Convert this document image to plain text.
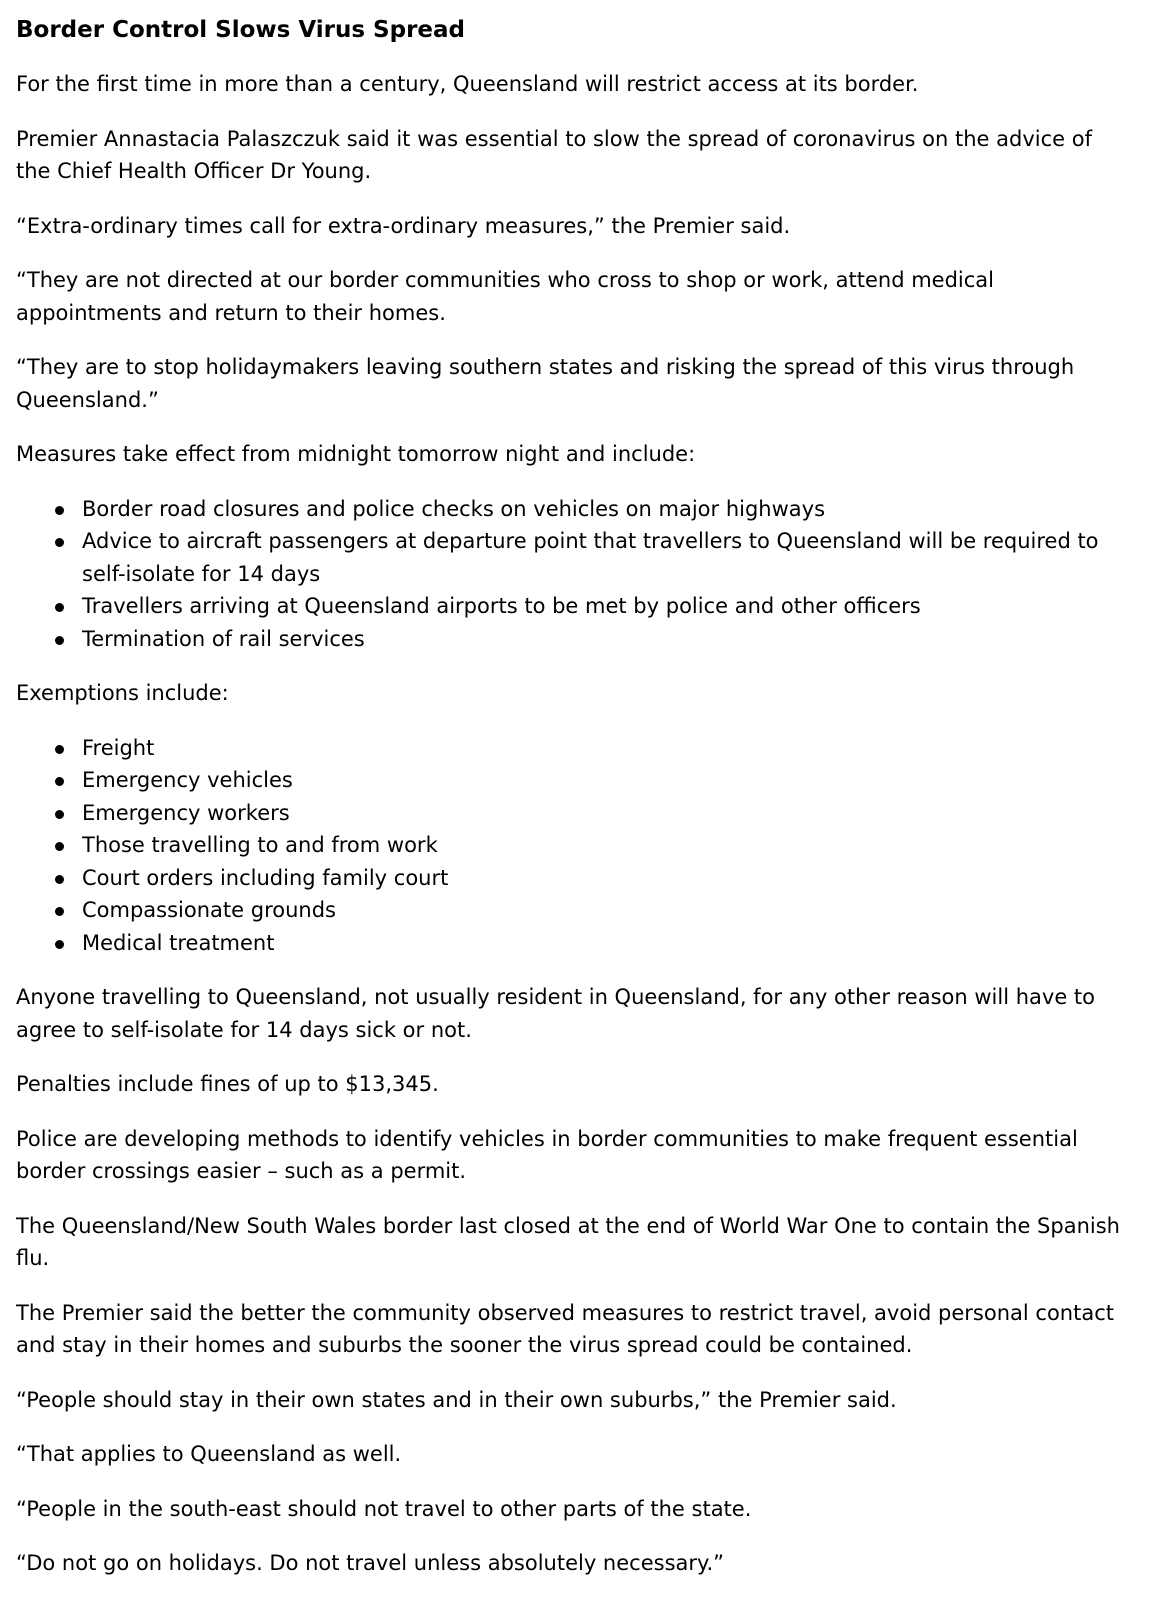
Border Control Slows Virus Spread

For the first time in more than a century, Queensland will restrict access at its border.

Premier Annastacia Palaszczuk said it was essential to slow the spread of coronavirus on the advice of the Chief Health Officer Dr Young.

“Extra-ordinary times call for extra-ordinary measures,” the Premier said.

“They are not directed at our border communities who cross to shop or work, attend medical appointments and return to their homes.

“They are to stop holidaymakers leaving southern states and risking the spread of this virus through Queensland.”

Measures take effect from midnight tomorrow night and include:

Border road closures and police checks on vehicles on major highways
Advice to aircraft passengers at departure point that travellers to Queensland will be required to self-isolate for 14 days
Travellers arriving at Queensland airports to be met by police and other officers
Termination of rail services

Exemptions include:

Freight
Emergency vehicles
Emergency workers
Those travelling to and from work
Court orders including family court
Compassionate grounds
Medical treatment

Anyone travelling to Queensland, not usually resident in Queensland, for any other reason will have to agree to self-isolate for 14 days sick or not.

Penalties include fines of up to $13,345.

Police are developing methods to identify vehicles in border communities to make frequent essential border crossings easier – such as a permit.

The Queensland/New South Wales border last closed at the end of World War One to contain the Spanish flu.

The Premier said the better the community observed measures to restrict travel, avoid personal contact and stay in their homes and suburbs the sooner the virus spread could be contained.

“People should stay in their own states and in their own suburbs,” the Premier said.

“That applies to Queensland as well.

“People in the south-east should not travel to other parts of the state.

“Do not go on holidays. Do not travel unless absolutely necessary.”
